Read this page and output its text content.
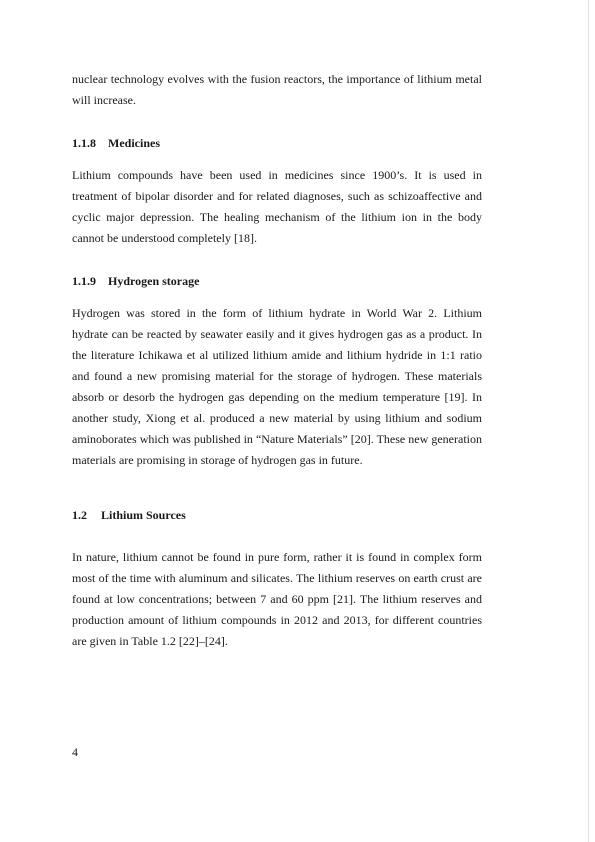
nuclear technology evolves with the fusion reactors, the importance of lithium metal
will increase.

1.1.8 Medicines

Lithium compounds have been used in medicines since 1900’s. It is used in
treatment of bipolar disorder and for related diagnoses, such as schizoaffective and
cyclic major depression. The healing mechanism of the lithium ion in the body
cannot be understood completely [18].

1.1.9 Hydrogen storage

Hydrogen was stored in the form of lithium hydrate in World War 2. Lithium
hydrate can be reacted by seawater easily and it gives hydrogen gas as a product. In
the literature Ichikawa et al utilized lithium amide and lithium hydride in 1:1 ratio
and found a new promising material for the storage of hydrogen. These materials
absorb or desorb the hydrogen gas depending on the medium temperature [19]. In
another study, Xiong et al. produced a new material by using lithium and sodium
aminoborates which was published in “Nature Materials” [20]. These new generation
materials are promising in storage of hydrogen gas in future.

1.2 Lithium Sources

In nature, lithium cannot be found in pure form, rather it is found in complex form
most of the time with aluminum and silicates. The lithium reserves on earth crust are
found at low concentrations; between 7 and 60 ppm [21]. The lithium reserves and
production amount of lithium compounds in 2012 and 2013, for different countries
are given in Table 1.2 [22]–[24].

4
